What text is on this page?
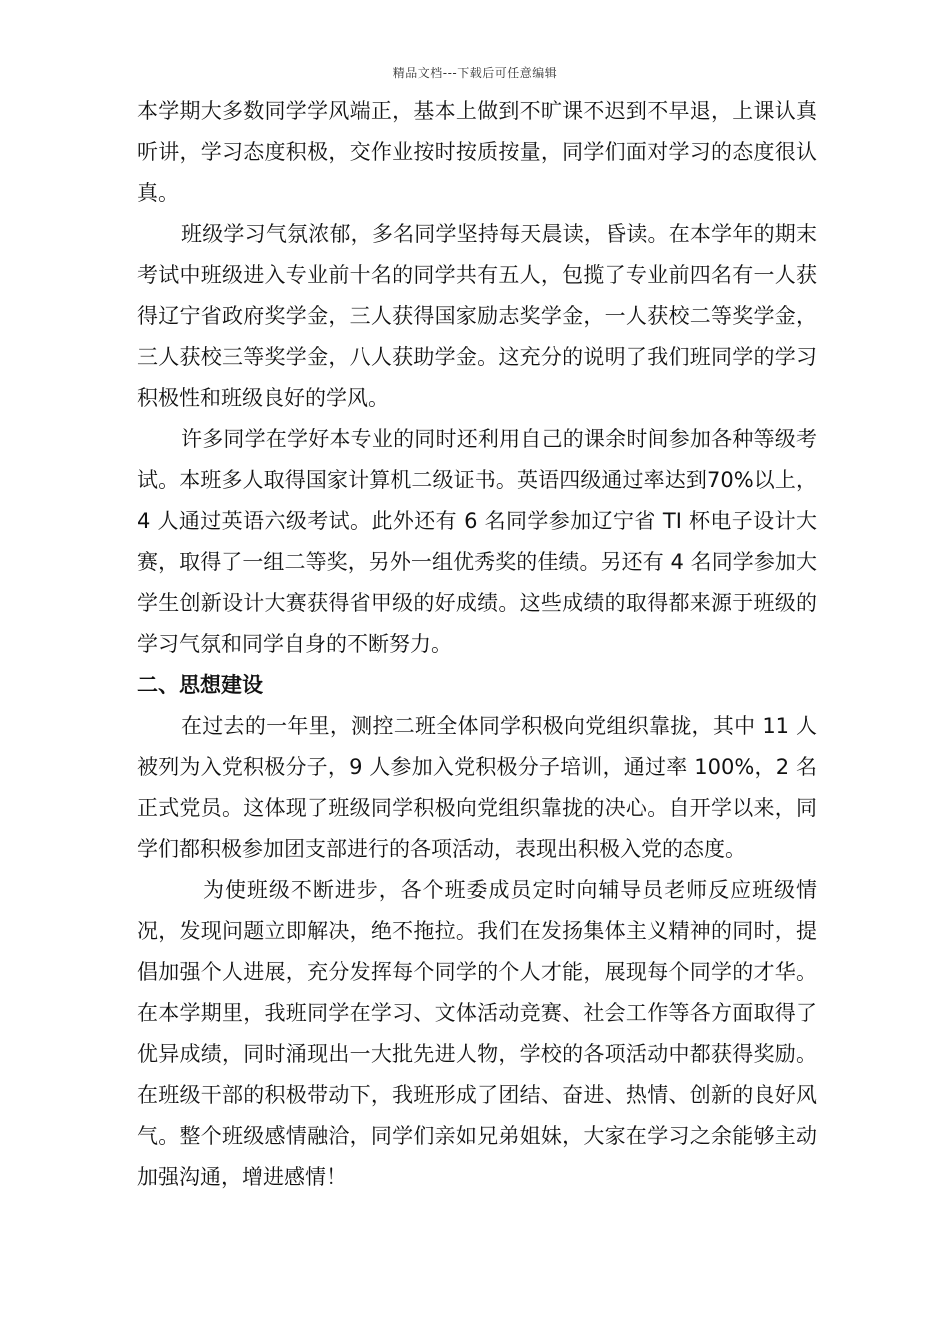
精品文档---下载后可任意编辑

本学期大多数同学学风端正，基本上做到不旷课不迟到不早退，上课认真听讲，学习态度积极，交作业按时按质按量，同学们面对学习的态度很认真。

班级学习气氛浓郁，多名同学坚持每天晨读，昏读。在本学年的期末考试中班级进入专业前十名的同学共有五人，包揽了专业前四名有一人获得辽宁省政府奖学金，三人获得国家励志奖学金，一人获校二等奖学金，三人获校三等奖学金，八人获助学金。这充分的说明了我们班同学的学习积极性和班级良好的学风。

许多同学在学好本专业的同时还利用自己的课余时间参加各种等级考试。本班多人取得国家计算机二级证书。英语四级通过率达到70%以上，4 人通过英语六级考试。此外还有 6 名同学参加辽宁省 TI 杯电子设计大赛，取得了一组二等奖，另外一组优秀奖的佳绩。另还有 4 名同学参加大学生创新设计大赛获得省甲级的好成绩。这些成绩的取得都来源于班级的学习气氛和同学自身的不断努力。

二、思想建设

在过去的一年里，测控二班全体同学积极向党组织靠拢，其中 11 人被列为入党积极分子，9 人参加入党积极分子培训，通过率 100%，2 名正式党员。这体现了班级同学积极向党组织靠拢的决心。自开学以来，同学们都积极参加团支部进行的各项活动，表现出积极入党的态度。

为使班级不断进步，各个班委成员定时向辅导员老师反应班级情况，发现问题立即解决，绝不拖拉。我们在发扬集体主义精神的同时，提倡加强个人进展，充分发挥每个同学的个人才能，展现每个同学的才华。在本学期里，我班同学在学习、文体活动竞赛、社会工作等各方面取得了优异成绩，同时涌现出一大批先进人物，学校的各项活动中都获得奖励。在班级干部的积极带动下，我班形成了团结、奋进、热情、创新的良好风气。整个班级感情融洽，同学们亲如兄弟姐妹，大家在学习之余能够主动加强沟通，增进感情！
